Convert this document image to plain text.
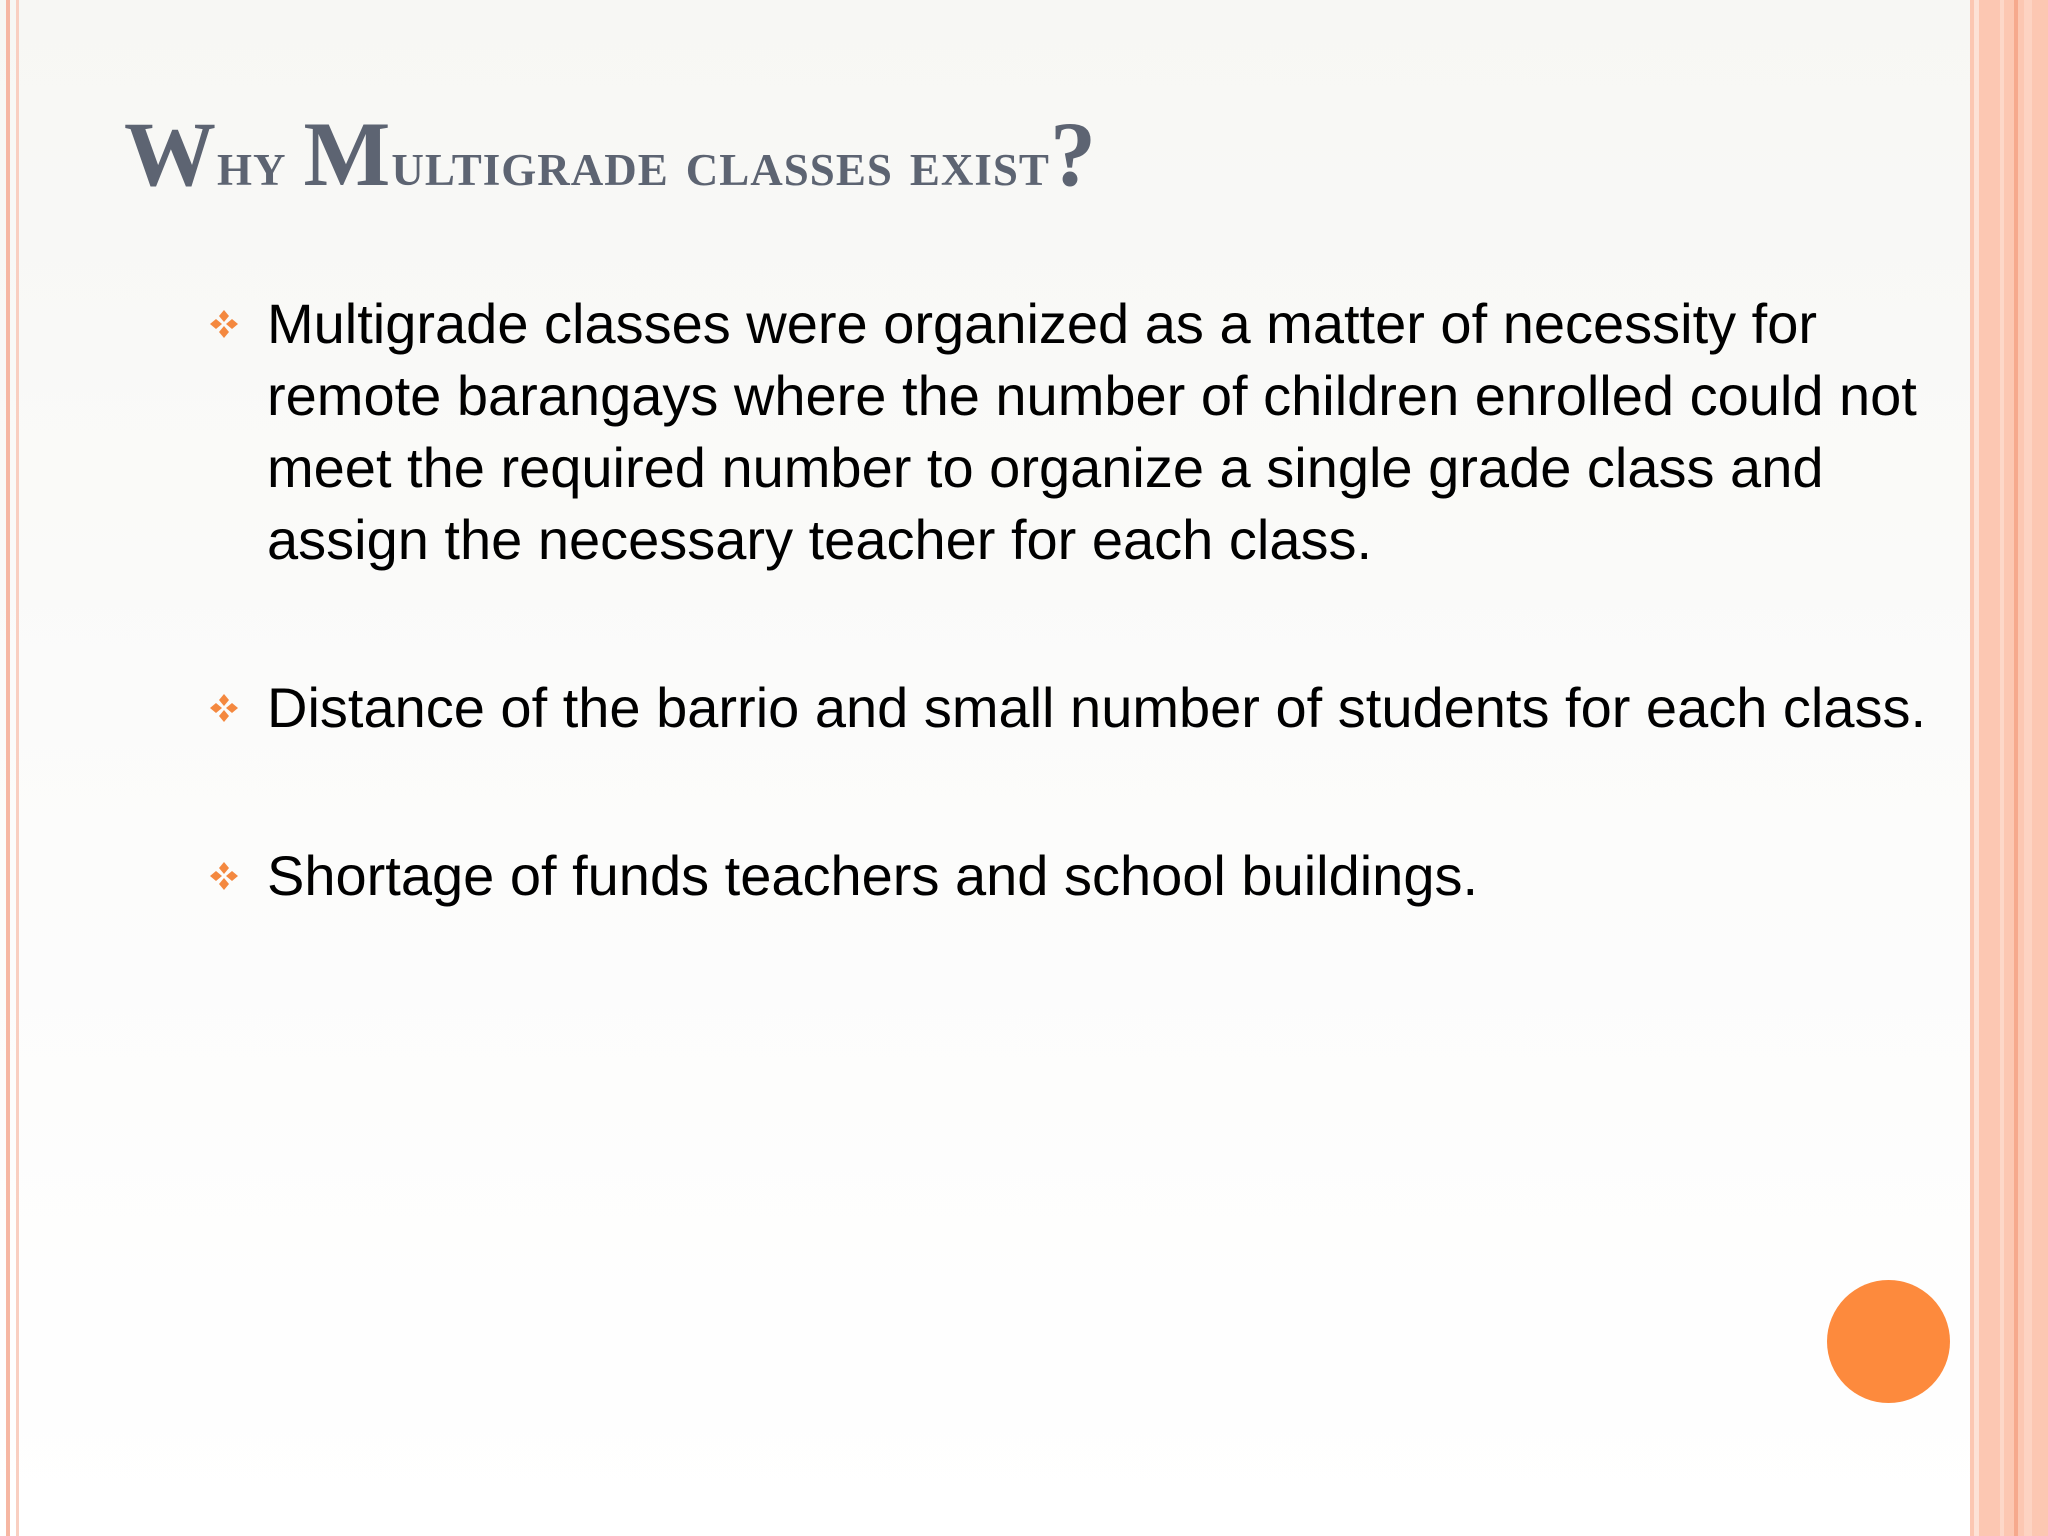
Why Multigrade classes exist?
Multigrade classes were organized as a matter of necessity for remote barangays where the number of children enrolled could not meet the required number to organize a single grade class and assign the necessary teacher for each class.
Distance of the barrio and small number of students for each class.
Shortage of funds teachers and school buildings.
